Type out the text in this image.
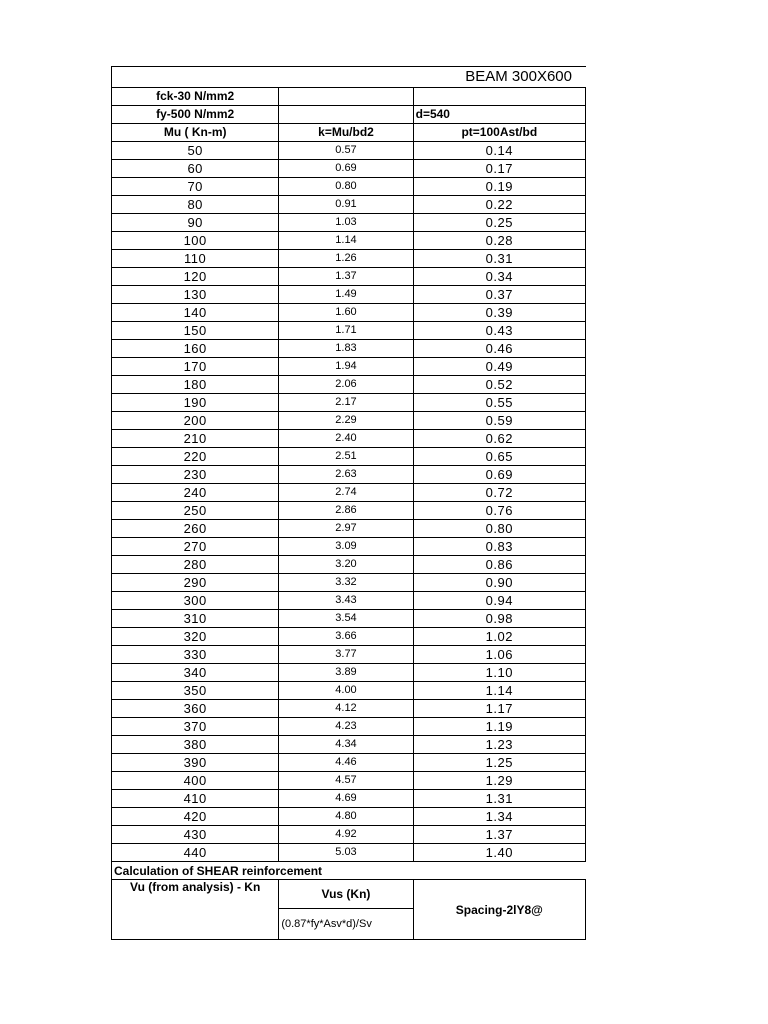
BEAM 300X600
fck-30 N/mm2		
fy-500 N/mm2		d=540
Mu ( Kn-m)	k=Mu/bd2	pt=100Ast/bd
50	0.57	0.14
60	0.69	0.17
70	0.80	0.19
80	0.91	0.22
90	1.03	0.25
100	1.14	0.28
110	1.26	0.31
120	1.37	0.34
130	1.49	0.37
140	1.60	0.39
150	1.71	0.43
160	1.83	0.46
170	1.94	0.49
180	2.06	0.52
190	2.17	0.55
200	2.29	0.59
210	2.40	0.62
220	2.51	0.65
230	2.63	0.69
240	2.74	0.72
250	2.86	0.76
260	2.97	0.80
270	3.09	0.83
280	3.20	0.86
290	3.32	0.90
300	3.43	0.94
310	3.54	0.98
320	3.66	1.02
330	3.77	1.06
340	3.89	1.10
350	4.00	1.14
360	4.12	1.17
370	4.23	1.19
380	4.34	1.23
390	4.46	1.25
400	4.57	1.29
410	4.69	1.31
420	4.80	1.34
430	4.92	1.37
440	5.03	1.40
Calculation of SHEAR reinforcement
Vu (from analysis) - Kn	Vus (Kn)	Spacing-2lY8@
(0.87*fy*Asv*d)/Sv
